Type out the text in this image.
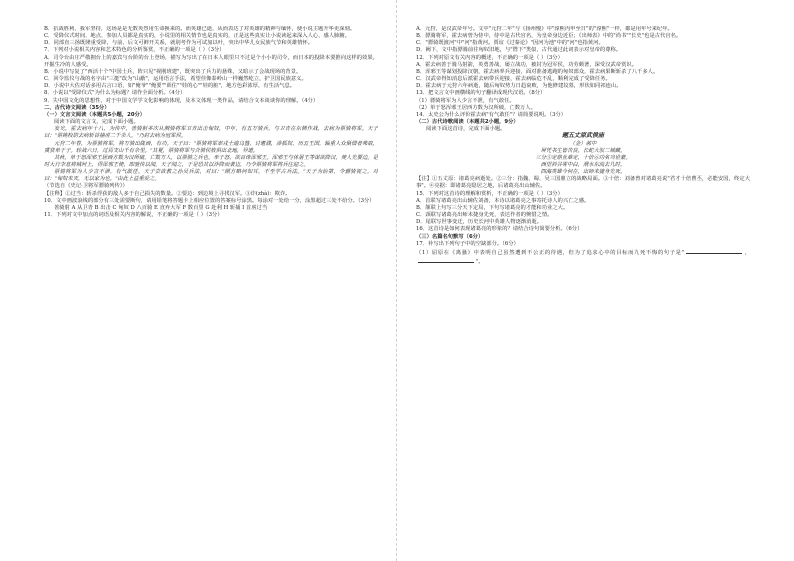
B．抗战胜利，我军坚持，这场是是无数英烈用生命换来的。而英雄已逝，从而表达了对英雄的精神与缅怀，使小说主题升华更深刻。

C．受降仪式时间、地点、参加人员都是真实的，小说里的相关情节也是真实的，正是这些真实让小说读起来深入人心，感人肺腑。

D．同部直三扬既隆重受降，与前、后文可鲜开关系，就别考作为可试加以叶，突出中华儿女民族气节和英雄情怀。

7．下列对小说相关内容和艺术特色的分析鉴赏，不正确的一项是（ ）（3分）

A．司令台由庄严敬拥台上的嘉宾与台阶的台上登场，描写为写出了在日本人眼里只不过是个小小的司令，而日本的投降本要推向这样的效果，开掘生冷的人感受。

B．小说中写复了"西活十个"中国士兵，阵只见"视刚班建"，既突出了兵力的悬殊，又暗示了会战现场的背景。

C．回令监仪与战的名字由"三挺"改为"山蔽"，运用语言手法，希望佳像泰岭山一样巍然屹立，护卫国民族意义。

D．小说中大佐对话多用古言口语，如"俺爷""俺要""训住""娃的心""娃的脏"，地方色彩浓厚，有生活气息。

8．小说以"受降仪式"为什么为标题？请作全面分析。（4分）

9．失中国文化的思想性，对于中国文学学文化影响的体现，及本文体现一类作品，请结合文本谈谈你的理解。（4分）

二、古代诗文阅读（35分）

（一）文言文阅读（本题共5小题，20分）

阅读下面的文言文，完成下面小题。

发光，霍去病年十八，为传中，善骑射多次从侧骑将军卫青出击匈奴，中年，有五万骑兵，与卫青在东侧作战，去病为票骑将军。天子曰："票姚校尉去病斩首捕虏二千余人。"乃封去病为冠军侯。

元狩二年春，为票骑将军，将万骑出陇西，有功。天子曰："票骑将军率戎士逾乌盩，讨遬濮，涉狐奴，历五王国，辎重人众慑慴者弗取，冀获单于子。转战六日，过焉支山千有余里。"其夏，票骑将军与合骑侯敖俱出北地，异道。

其秋，单于怒浑邪王居西方数为汉所破，亡数万人，以票骑之兵也。单于怒，欲召诛浑邪王。浑邪王与休屠王等谋欲降汉，使人先要边。是时大行李息将城河上，得浑邪王使，即驰传以闻。天子闻之，于是恐其以诈降而袭边，乃令票骑将军将兵往迎之。

票骑将军为人少言不泄，有气敢任。天子尝欲教之孙吴兵法，对曰："顾方略何如耳，不至学古兵法。"天子为治第，令骠骑视之，对曰："匈奴未灭，无以家为也。"由此上益重爱之。

（节选自《史记·卫将军骠骑列传》）

【注释】①过当：斩杀俘获的敌人多于自己损失的数量。②要边：到边境上寻找汉军。③诈(zhà)：欺诈。

10．文中画波浪线的部分有三处需要断句，请用铅笔将答题卡上相应位置的答案标号涂黑。每涂对一处给一分，涂黑超过三处不给分。（3分）

善骑射 A 从卫青 B 出击 C 匈奴 D 八百骑 E 直弃大军 F 数百里 G 赴利 H 斩捕 I 首虏过当

11．下列对文中加点的词语及相关内容的解说，不正确的一项是（ ）（3分）

A．元狩，是汉武帝年号。文中"元狩二年"与《扬州慢》中"淳熙丙申至日"的"淳熙"一样，都是用年号来纪年。

B．骠骑将军，霍去病曾为侍中，侍中是古代官名，为皇帝身边近臣；《出师表》中的"尚书""长史"也是古代官名。

C．"骠骑既渡河"中"河"指黄河。贾谊《过秦论》"因河为池"中的"河"也指黄河。

D．阙下，文中指骠骑前往匈奴旧地，与"陛下"类似，古代通过此词表示对皇帝的尊称。

12．下列对原文有关内容的概述，不正确的一项是（ ）（3分）

A．霍去病善于骑马射箭，英勇善战，屡立战功，被封为冠军侯，功劳颇著，深受汉武帝赏识。

B．浑邪王等谋划投降汉朝，霍去病率兵迎接，面对准备逃跑的匈奴部众，霍去病果断斩杀了八千多人。

C．汉武帝得知消息后派霍去病带兵迎接，霍去病临危不乱，顺利完成了受降任务。

D．霍去病于元狩六年病逝，随后匈奴势力日趋衰败，为他修建坟墓，形状如同祁连山。

13．把文言文中画横线的句子翻译成现代汉语。（8分）

（1）骠骑将军为人少言不泄，有气敢任。

（2）单于怒浑邪王居西方数为汉所破，亡数万人。

14．太史公为什么评价霍去病"有气敢任"？请简要说明。（3分）

（二）古代诗歌阅读（本题共2小题，9分）

阅读下面这首诗，完成下面小题。

题五丈原武侯庙

（金）郝中

屏凭书生皆苦良，长蛇大驭二城藏。

三分⑤定鼎业难定，十倍⑥功名当世豪。

西望斜谷雾中白，渭水东流去几时。

四海英雄今何在，出师未捷身先死。

【注】①五丈原：诸葛亮病逝处。②三分：指魏、蜀、吴三国鼎立的战略局面。③十倍：刘备曾对诸葛亮说"君才十倍曹丕，必能安国，终定大事"。④亮据：即诸葛亮隐居之地，后诸葛亮出山辅佐。

15．下列对这首诗的理解和赏析，不正确的一项是（ ）（3分）

A．首联写诸葛亮出山辅佐刘备，本诗以诸葛亮之事寄托诗人的兴亡之感。

B．颔联上句写三分天下定局，下句写诸葛亮的才能和功业之大。

C．颈联写诸葛亮出师未捷身先死，表达作者的惋惜之情。

D．尾联写世事变迁，历史长河中英雄人物逐渐消逝。

16．这首诗是如何表现诸葛亮的形象的？请结合诗句简要分析。（6分）

（三）名篇名句默写（6分）

17．补写出下列句子中的空缺部分。（6分）

（1）屈原在《离骚》中表明自己虽然遭到不公正的待遇，但为了追求心中的目标而九死不悔的句子是"	，"。
